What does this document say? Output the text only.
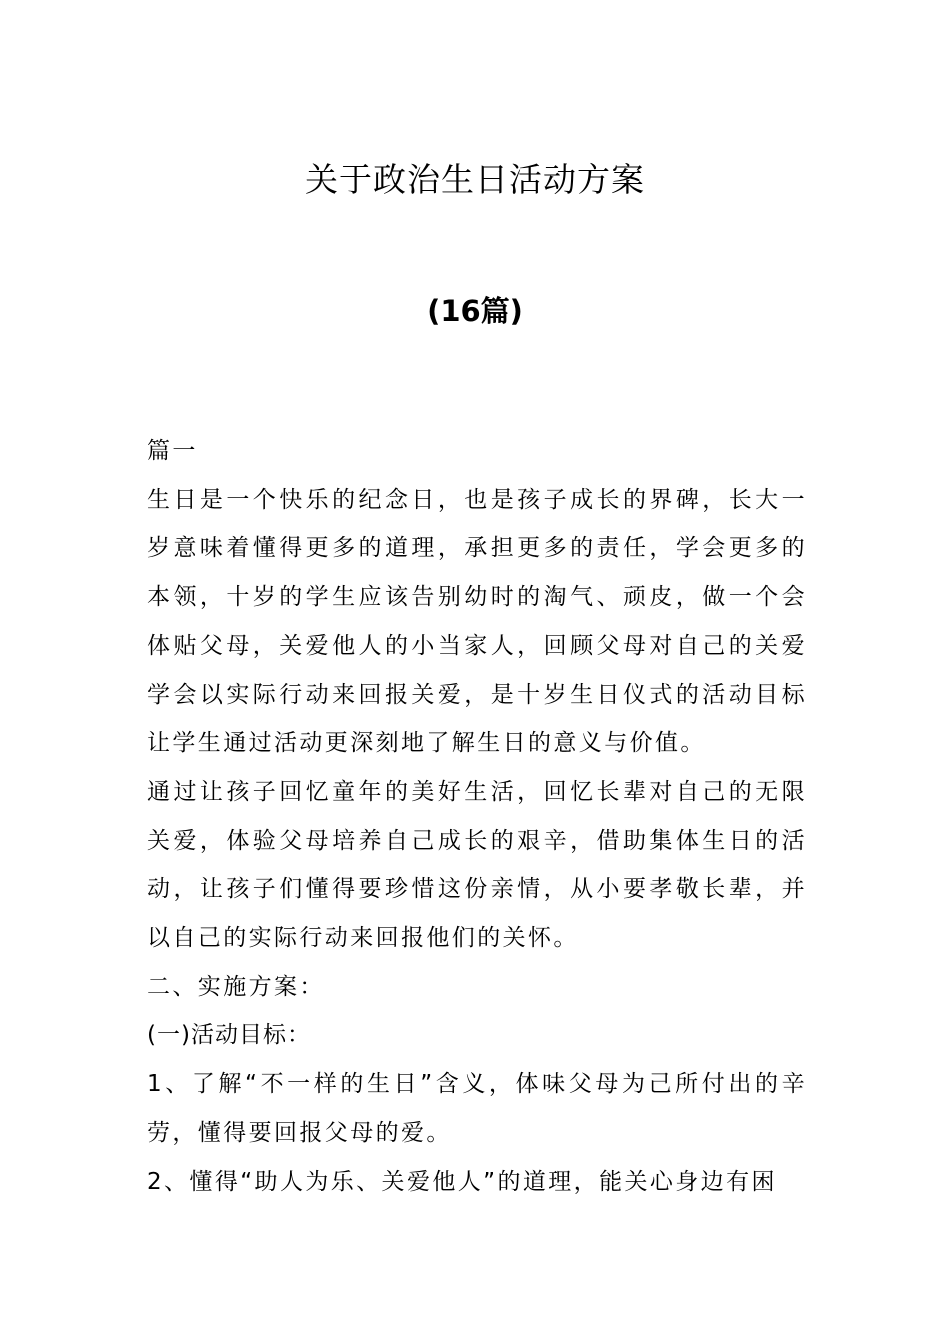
关于政治生日活动方案
(16篇)

篇一

生日是一个快乐的纪念日，也是孩子成长的界碑，长大一岁意味着懂得更多的道理，承担更多的责任，学会更多的本领，十岁的学生应该告别幼时的淘气、顽皮，做一个会体贴父母，关爱他人的小当家人，回顾父母对自己的关爱学会以实际行动来回报关爱，是十岁生日仪式的活动目标让学生通过活动更深刻地了解生日的意义与价值。

通过让孩子回忆童年的美好生活，回忆长辈对自己的无限关爱，体验父母培养自己成长的艰辛，借助集体生日的活动，让孩子们懂得要珍惜这份亲情，从小要孝敬长辈，并以自己的实际行动来回报他们的关怀。

二、实施方案：

(一)活动目标：

1、了解“不一样的生日”含义，体味父母为己所付出的辛劳，懂得要回报父母的爱。

2、懂得“助人为乐、关爱他人”的道理，能关心身边有困
